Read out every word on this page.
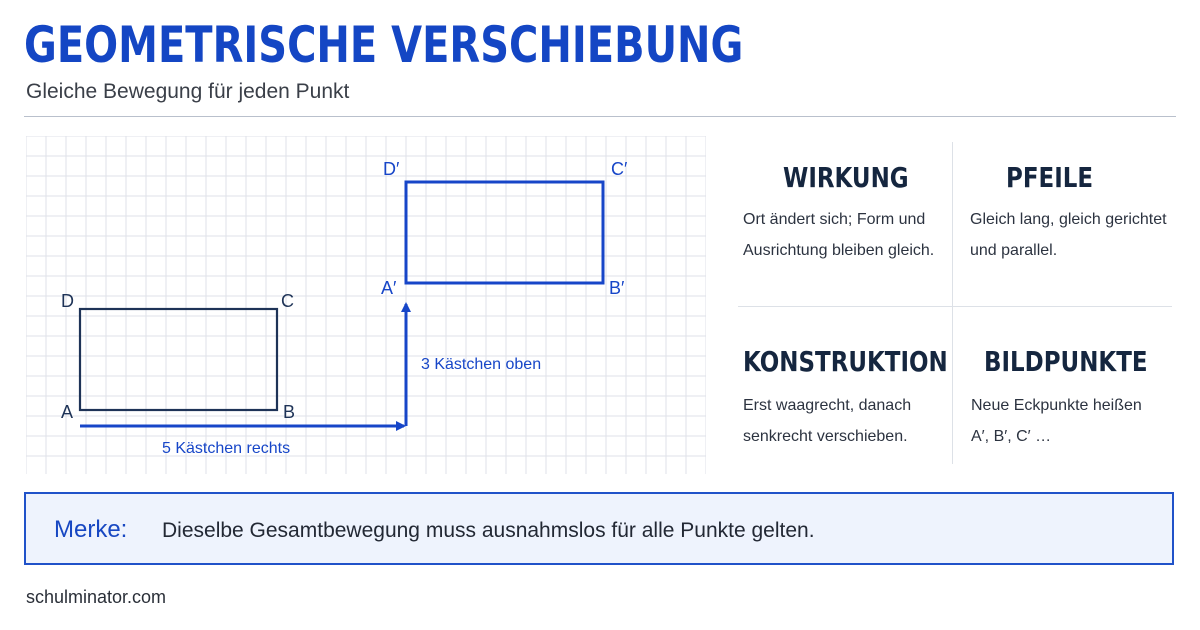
GEOMETRISCHE VERSCHIEBUNG
Gleiche Bewegung für jeden Punkt
A	B
C
D
A′	B′
C′
D′
5 Kästchen rechts
3 Kästchen oben
WIRKUNG
Ort ändert sich; Form und
Ausrichtung bleiben gleich.
PFEILE
Gleich lang, gleich gerichtet
und parallel.
KONSTRUKTION
Erst waagrecht, danach
senkrecht verschieben.
BILDPUNKTE
Neue Eckpunkte heißen
A′, B′, C′ …
Merke: Dieselbe Gesamtbewegung muss ausnahmslos für alle Punkte gelten.
schulminator.com
